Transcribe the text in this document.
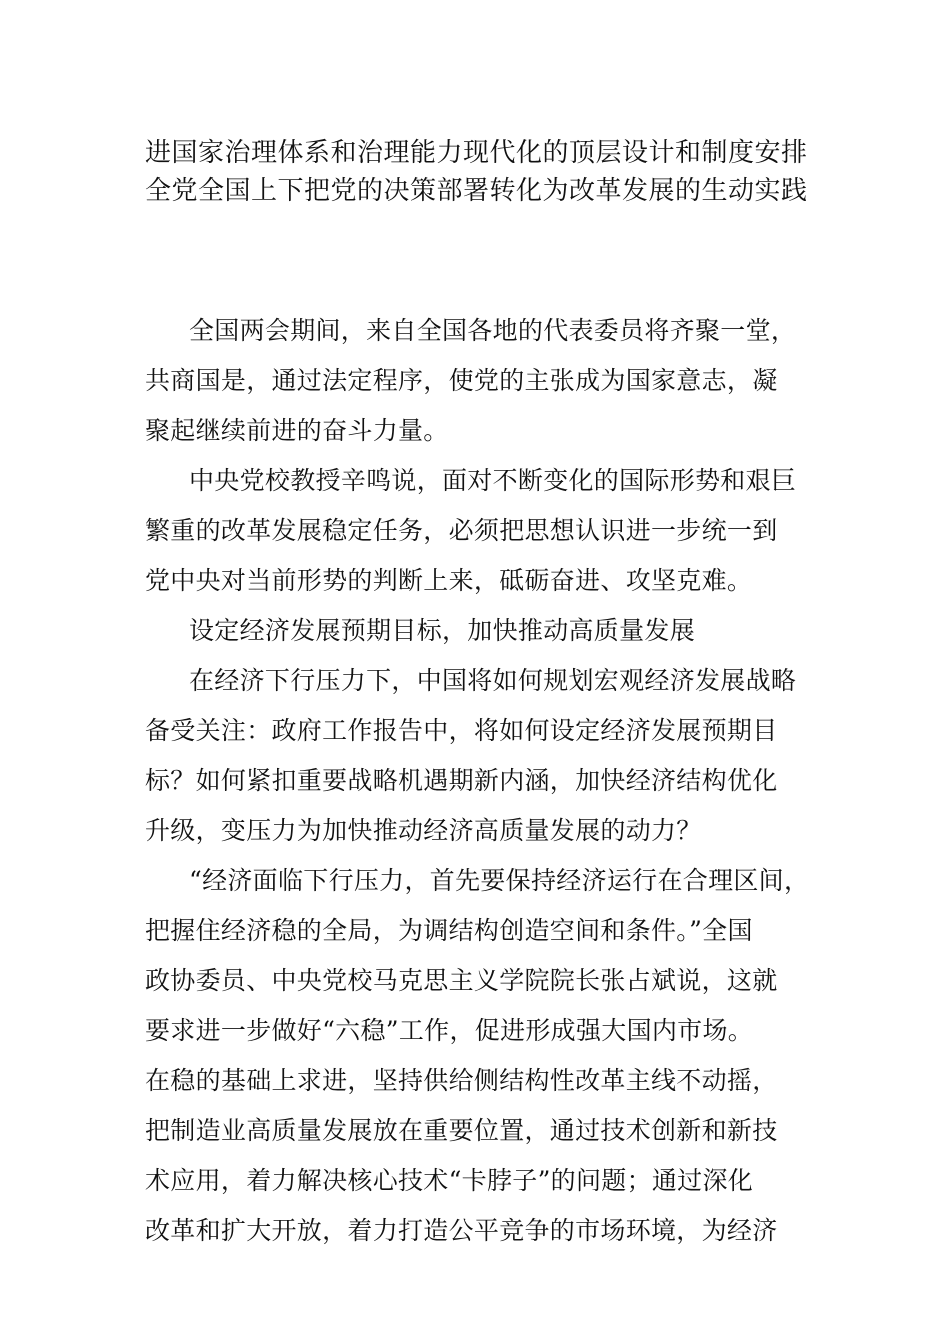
进国家治理体系和治理能力现代化的顶层设计和制度安排

全党全国上下把党的决策部署转化为改革发展的生动实践

全国两会期间，来自全国各地的代表委员将齐聚一堂，
共商国是，通过法定程序，使党的主张成为国家意志，凝
聚起继续前进的奋斗力量。

中央党校教授辛鸣说，面对不断变化的国际形势和艰巨
繁重的改革发展稳定任务，必须把思想认识进一步统一到
党中央对当前形势的判断上来，砥砺奋进、攻坚克难。

设定经济发展预期目标，加快推动高质量发展

在经济下行压力下，中国将如何规划宏观经济发展战略
备受关注：政府工作报告中，将如何设定经济发展预期目
标？如何紧扣重要战略机遇期新内涵，加快经济结构优化
升级，变压力为加快推动经济高质量发展的动力？

“经济面临下行压力，首先要保持经济运行在合理区间，
把握住经济稳的全局，为调结构创造空间和条件。”全国
政协委员、中央党校马克思主义学院院长张占斌说，这就
要求进一步做好“六稳”工作，促进形成强大国内市场。
在稳的基础上求进，坚持供给侧结构性改革主线不动摇，
把制造业高质量发展放在重要位置，通过技术创新和新技
术应用，着力解决核心技术“卡脖子”的问题；通过深化
改革和扩大开放，着力打造公平竞争的市场环境，为经济
